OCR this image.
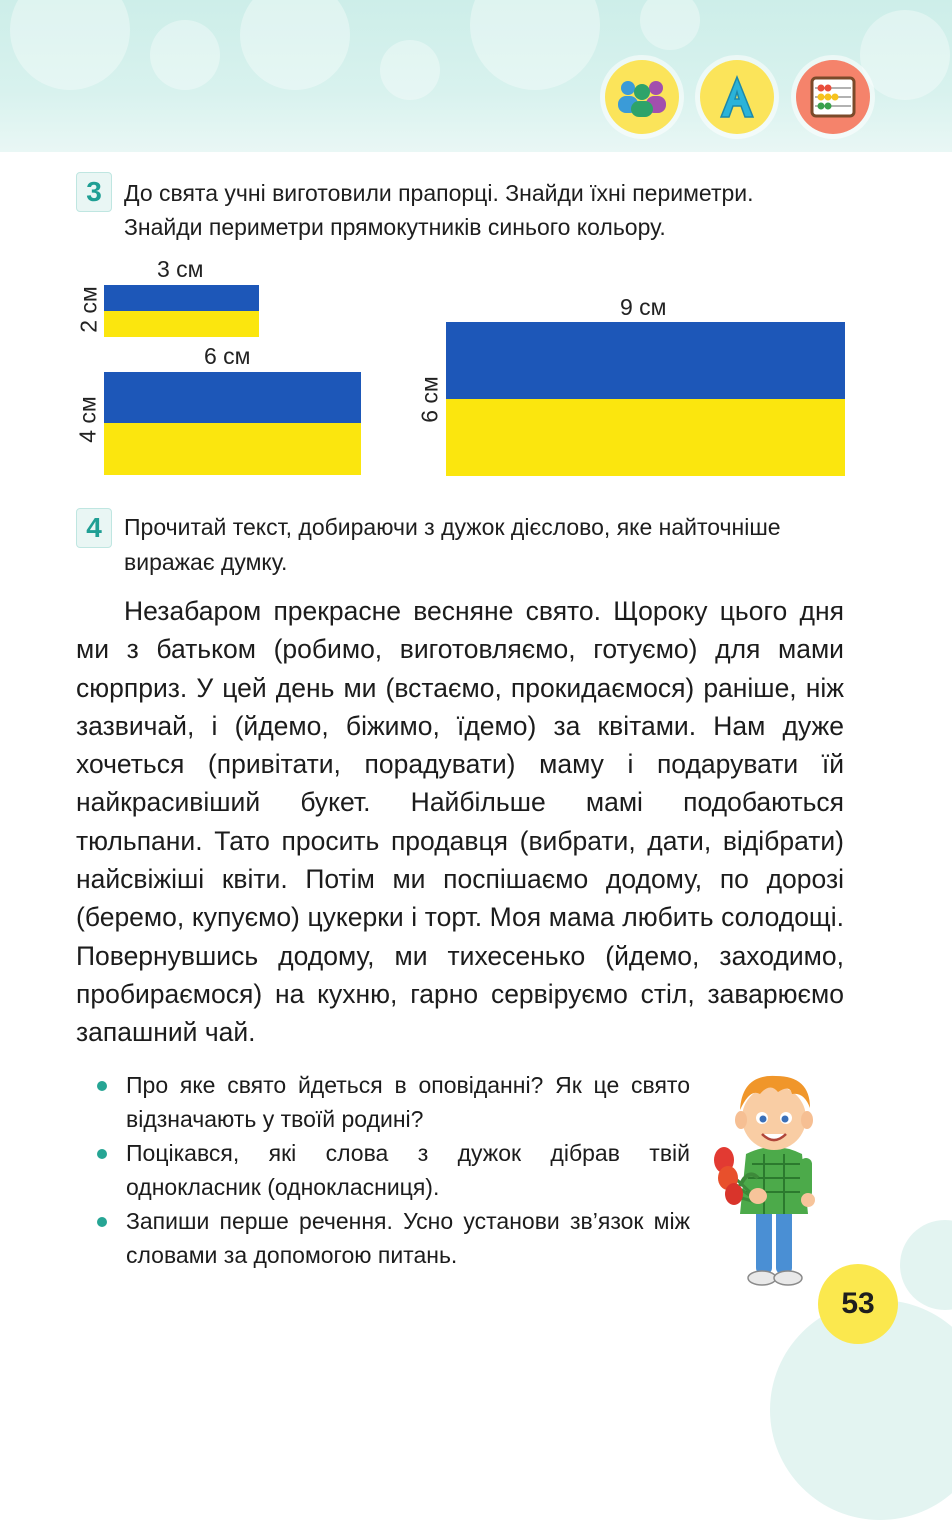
3 До свята учні виготовили прапорці. Знайди їхні периметри.
Знайди периметри прямокутників синього кольору.
3 см
2 см
6 см
4 см
9 см
6 см
4 Прочитай текст, добираючи з дужок дієслово, яке найточніше
виражає думку.

Незабаром прекрасне весняне свято. Щороку цього дня ми з батьком (робимо, виготовляємо, готуємо) для мами сюрприз. У цей день ми (встаємо, прокидаємося) раніше, ніж зазвичай, і (йдемо, біжимо, їдемо) за квітами. Нам дуже хочеться (привітати, порадувати) маму і подарувати їй найкрасивіший букет. Найбільше мамі подобаються тюльпани. Тато просить продавця (вибрати, дати, відібрати) найсвіжіші квіти. Потім ми поспішаємо додому, по дорозі (беремо, купуємо) цукерки і торт. Моя мама любить солодощі. Повернувшись додому, ми тихесенько (йдемо, заходимо, пробираємося) на кухню, гарно сервіруємо стіл, заварюємо запашний чай.

Про яке свято йдеться в оповіданні? Як це свято відзначають у твоїй родині?
Поцікався, які слова з дужок дібрав твій однокласник (однокласниця).
Запиши перше речення. Усно установи зв’язок між словами за допомогою питань.
53
